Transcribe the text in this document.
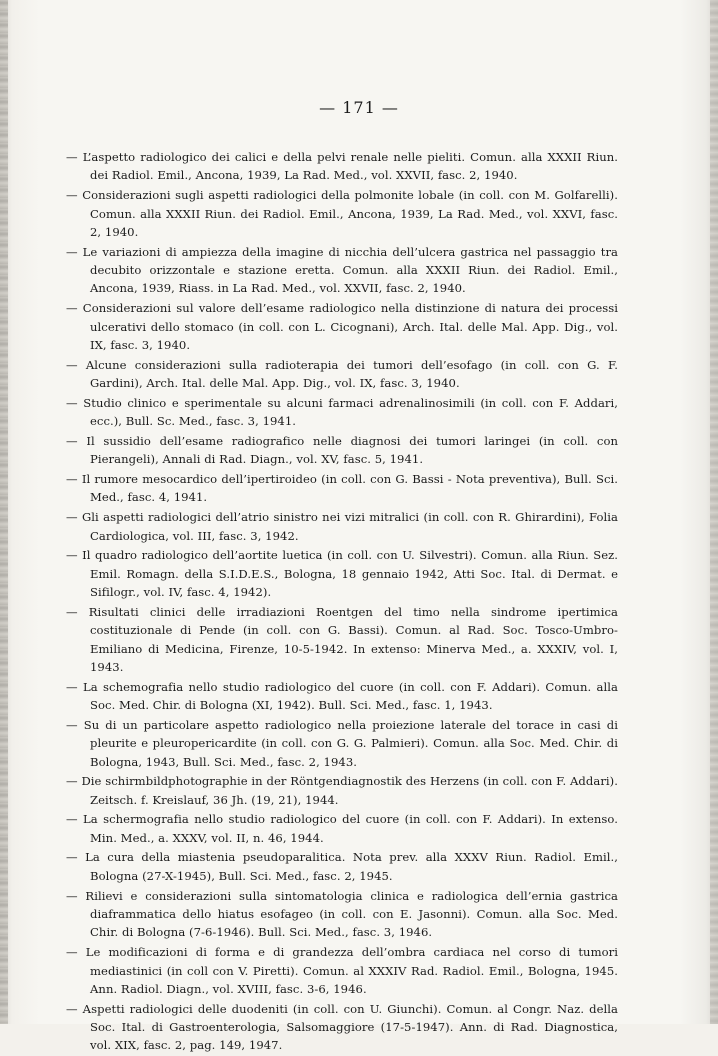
— 171 —
— L’aspetto radiologico dei calici e della pelvi renale nelle pieliti. Comun. alla XXXII Riun. dei Radiol. Emil., Ancona, 1939, La Rad. Med., vol. XXVII, fasc. 2, 1940.
— Considerazioni sugli aspetti radiologici della polmonite lobale (in coll. con M. Golfarelli). Comun. alla XXXII Riun. dei Radiol. Emil., Ancona, 1939, La Rad. Med., vol. XXVI, fasc. 2, 1940.
— Le variazioni di ampiezza della imagine di nicchia dell’ulcera gastrica nel passaggio tra decubito orizzontale e stazione eretta. Comun. alla XXXII Riun. dei Radiol. Emil., Ancona, 1939, Riass. in La Rad. Med., vol. XXVII, fasc. 2, 1940.
— Considerazioni sul valore dell’esame radiologico nella distinzione di natura dei processi ulcerativi dello stomaco (in coll. con L. Cicognani), Arch. Ital. delle Mal. App. Dig., vol. IX, fasc. 3, 1940.
— Alcune considerazioni sulla radioterapia dei tumori dell’esofago (in coll. con G. F. Gardini), Arch. Ital. delle Mal. App. Dig., vol. IX, fasc. 3, 1940.
— Studio clinico e sperimentale su alcuni farmaci adrenalinosimili (in coll. con F. Addari, ecc.), Bull. Sc. Med., fasc. 3, 1941.
— Il sussidio dell’esame radiografico nelle diagnosi dei tumori laringei (in coll. con Pierangeli), Annali di Rad. Diagn., vol. XV, fasc. 5, 1941.
— Il rumore mesocardico dell’ipertiroideo (in coll. con G. Bassi - Nota preventiva), Bull. Sci. Med., fasc. 4, 1941.
— Gli aspetti radiologici dell’atrio sinistro nei vizi mitralici (in coll. con R. Ghirardini), Folia Cardiologica, vol. III, fasc. 3, 1942.
— Il quadro radiologico dell’aortite luetica (in coll. con U. Silvestri). Comun. alla Riun. Sez. Emil. Romagn. della S.I.D.E.S., Bologna, 18 gennaio 1942, Atti Soc. Ital. di Dermat. e Sifilogr., vol. IV, fasc. 4, 1942).
— Risultati clinici delle irradiazioni Roentgen del timo nella sindrome ipertimica costituzionale di Pende (in coll. con G. Bassi). Comun. al Rad. Soc. Tosco-Umbro-Emiliano di Medicina, Firenze, 10-5-1942. In extenso: Minerva Med., a. XXXIV, vol. I, 1943.
— La schemografia nello studio radiologico del cuore (in coll. con F. Addari). Comun. alla Soc. Med. Chir. di Bologna (XI, 1942). Bull. Sci. Med., fasc. 1, 1943.
— Su di un particolare aspetto radiologico nella proiezione laterale del torace in casi di pleurite e pleuropericardite (in coll. con G. G. Palmieri). Comun. alla Soc. Med. Chir. di Bologna, 1943, Bull. Sci. Med., fasc. 2, 1943.
— Die schirmbildphotographie in der Röntgendiagnostik des Herzens (in coll. con F. Addari). Zeitsch. f. Kreislauf, 36 Jh. (19, 21), 1944.
— La schermografia nello studio radiologico del cuore (in coll. con F. Addari). In extenso. Min. Med., a. XXXV, vol. II, n. 46, 1944.
— La cura della miastenia pseudoparalitica. Nota prev. alla XXXV Riun. Radiol. Emil., Bologna (27-X-1945), Bull. Sci. Med., fasc. 2, 1945.
— Rilievi e considerazioni sulla sintomatologia clinica e radiologica dell’ernia gastrica diaframmatica dello hiatus esofageo (in coll. con E. Jasonni). Comun. alla Soc. Med. Chir. di Bologna (7-6-1946). Bull. Sci. Med., fasc. 3, 1946.
— Le modificazioni di forma e di grandezza dell’ombra cardiaca nel corso di tumori mediastinici (in coll con V. Piretti). Comun. al XXXIV Rad. Radiol. Emil., Bologna, 1945. Ann. Radiol. Diagn., vol. XVIII, fasc. 3-6, 1946.
— Aspetti radiologici delle duodeniti (in coll. con U. Giunchi). Comun. al Congr. Naz. della Soc. Ital. di Gastroenterologia, Salsomaggiore (17-5-1947). Ann. di Rad. Diagnostica, vol. XIX, fasc. 2, pag. 149, 1947.
